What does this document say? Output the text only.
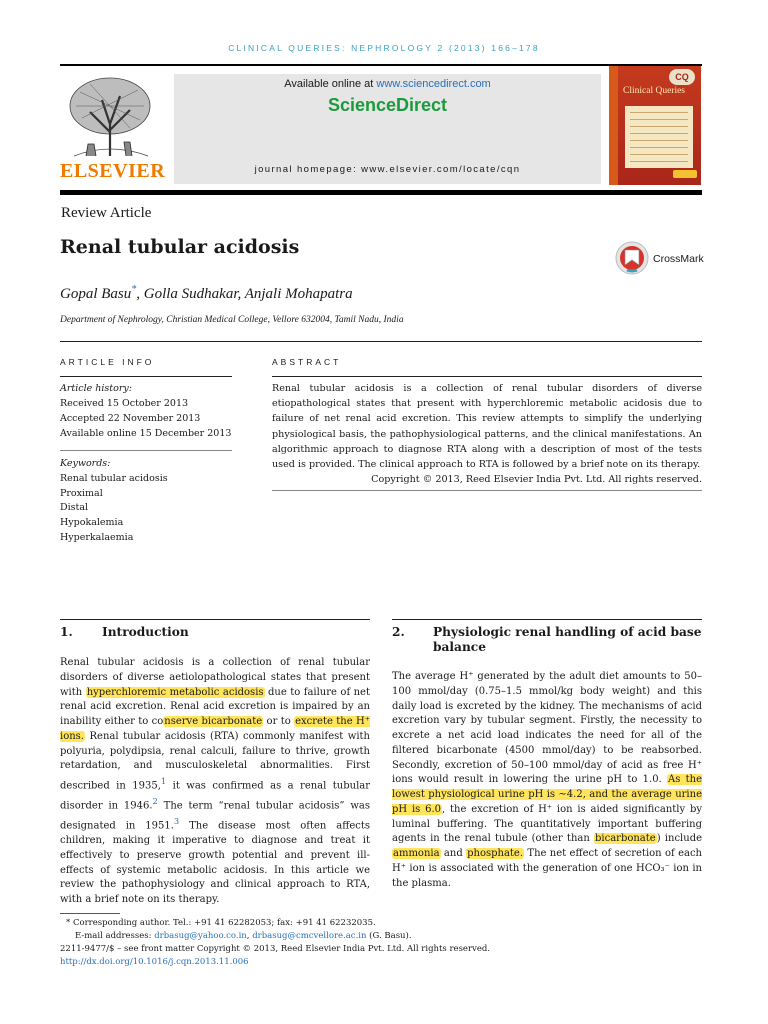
CLINICAL QUERIES: NEPHROLOGY 2 (2013) 166–178
ELSEVIER
Available online at www.sciencedirect.com
ScienceDirect
journal homepage: www.elsevier.com/locate/cqn
CQ
Clinical Queries
Review Article
Renal tubular acidosis
CrossMark
Gopal Basu*, Golla Sudhakar, Anjali Mohapatra
Department of Nephrology, Christian Medical College, Vellore 632004, Tamil Nadu, India
ARTICLE INFO
Article history:
Received 15 October 2013
Accepted 22 November 2013
Available online 15 December 2013
Keywords:
Renal tubular acidosis
Proximal
Distal
Hypokalemia
Hyperkalaemia
ABSTRACT
Renal tubular acidosis is a collection of renal tubular disorders of diverse etiopathological states that present with hyperchloremic metabolic acidosis due to failure of net renal acid excretion. This review attempts to simplify the underlying physiological basis, the pathophysiological patterns, and the clinical manifestations. An algorithmic approach to diagnose RTA along with a description of most of the tests used is provided. The clinical approach to RTA is followed by a brief note on its therapy.
Copyright © 2013, Reed Elsevier India Pvt. Ltd. All rights reserved.
1. Introduction
Renal tubular acidosis is a collection of renal tubular disorders of diverse aetiolopathological states that present with hyperchloremic metabolic acidosis due to failure of net renal acid excretion. Renal acid excretion is impaired by an inability either to conserve bicarbonate or to excrete the H⁺ ions. Renal tubular acidosis (RTA) commonly manifest with polyuria, polydipsia, renal calculi, failure to thrive, growth retardation, and musculoskeletal abnormalities. First described in 1935,$^1$ it was confirmed as a renal tubular disorder in 1946.$^2$ The term “renal tubular acidosis” was designated in 1951.$^3$ The disease most often affects children, making it imperative to diagnose and treat it effectively to preserve growth potential and prevent ill-effects of systemic metabolic acidosis. In this article we review the pathophysiology and clinical approach to RTA, with a brief note on its therapy.
2. Physiologic renal handling of acid base balance
The average H⁺ generated by the adult diet amounts to 50–100 mmol/day (0.75–1.5 mmol/kg body weight) and this daily load is excreted by the kidney. The mechanisms of acid excretion vary by tubular segment. Firstly, the necessity to excrete a net acid load indicates the need for all of the filtered bicarbonate (4500 mmol/day) to be reabsorbed. Secondly, excretion of 50–100 mmol/day of acid as free H⁺ ions would result in lowering the urine pH to 1.0. As the lowest physiological urine pH is ∼4.2, and the average urine pH is 6.0, the excretion of H⁺ ion is aided significantly by luminal buffering. The quantitatively important buffering agents in the renal tubule (other than bicarbonate) include ammonia and phosphate. The net effect of secretion of each H⁺ ion is associated with the generation of one HCO₃⁻ ion in the plasma.
* Corresponding author. Tel.: +91 41 62282053; fax: +91 41 62232035.
E-mail addresses: drbasug@yahoo.co.in, drbasug@cmcvellore.ac.in (G. Basu).
2211-9477/$ – see front matter Copyright © 2013, Reed Elsevier India Pvt. Ltd. All rights reserved.
http://dx.doi.org/10.1016/j.cqn.2013.11.006
